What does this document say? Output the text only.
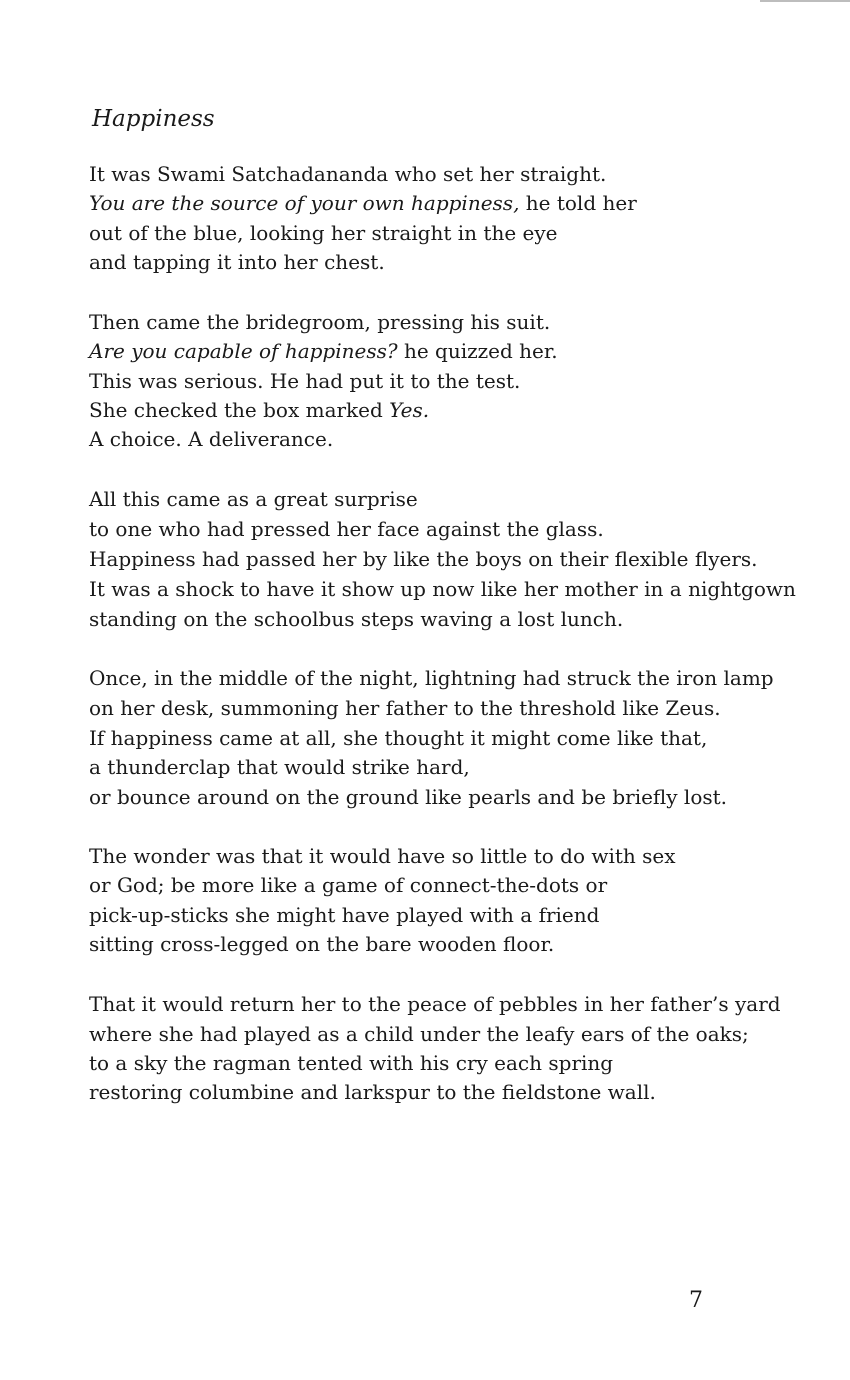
Happiness
It was Swami Satchadananda who set her straight.
You are the source of your own happiness, he told her
out of the blue, looking her straight in the eye
and tapping it into her chest.
Then came the bridegroom, pressing his suit.
Are you capable of happiness? he quizzed her.
This was serious. He had put it to the test.
She checked the box marked Yes.
A choice. A deliverance.
All this came as a great surprise
to one who had pressed her face against the glass.
Happiness had passed her by like the boys on their flexible flyers.
It was a shock to have it show up now like her mother in a nightgown
standing on the schoolbus steps waving a lost lunch.
Once, in the middle of the night, lightning had struck the iron lamp
on her desk, summoning her father to the threshold like Zeus.
If happiness came at all, she thought it might come like that,
a thunderclap that would strike hard,
or bounce around on the ground like pearls and be briefly lost.
The wonder was that it would have so little to do with sex
or God; be more like a game of connect-the-dots or
pick-up-sticks she might have played with a friend
sitting cross-legged on the bare wooden floor.
That it would return her to the peace of pebbles in her father’s yard
where she had played as a child under the leafy ears of the oaks;
to a sky the ragman tented with his cry each spring
restoring columbine and larkspur to the fieldstone wall.
7
